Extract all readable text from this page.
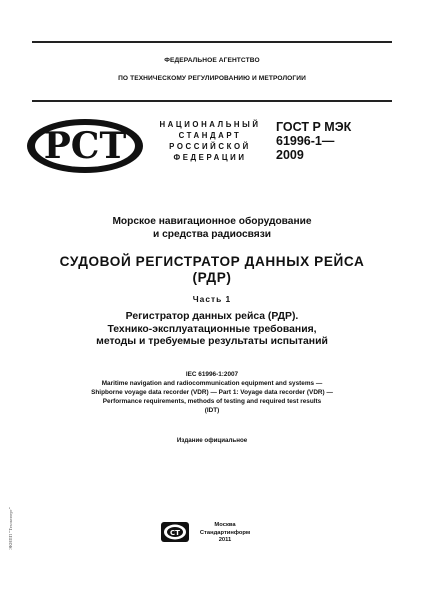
ФЕДЕРАЛЬНОЕ АГЕНТСТВО
ПО ТЕХНИЧЕСКОМУ РЕГУЛИРОВАНИЮ И МЕТРОЛОГИИ
РСТ
НАЦИОНАЛЬНЫЙ
СТАНДАРТ
РОССИЙСКОЙ
ФЕДЕРАЦИИ
ГОСТ Р МЭК
61996-1—
2009
Морское навигационное оборудование
и средства радиосвязи
СУДОВОЙ РЕГИСТРАТОР ДАННЫХ РЕЙСА
(РДР)
Часть 1
Регистратор данных рейса (РДР).
Технико-эксплуатационные требования,
методы и требуемые результаты испытаний
IEC 61996-1:2007
Maritime navigation and radiocommunication equipment and systems —
Shipborne voyage data recorder (VDR) — Part 1: Voyage data recorder (VDR) —
Performance requirements, methods of testing and required test results
(IDT)
Издание официальное
СТ
Москва
Стандартинформ
2011
ЭКНПП "Техэксперт"
